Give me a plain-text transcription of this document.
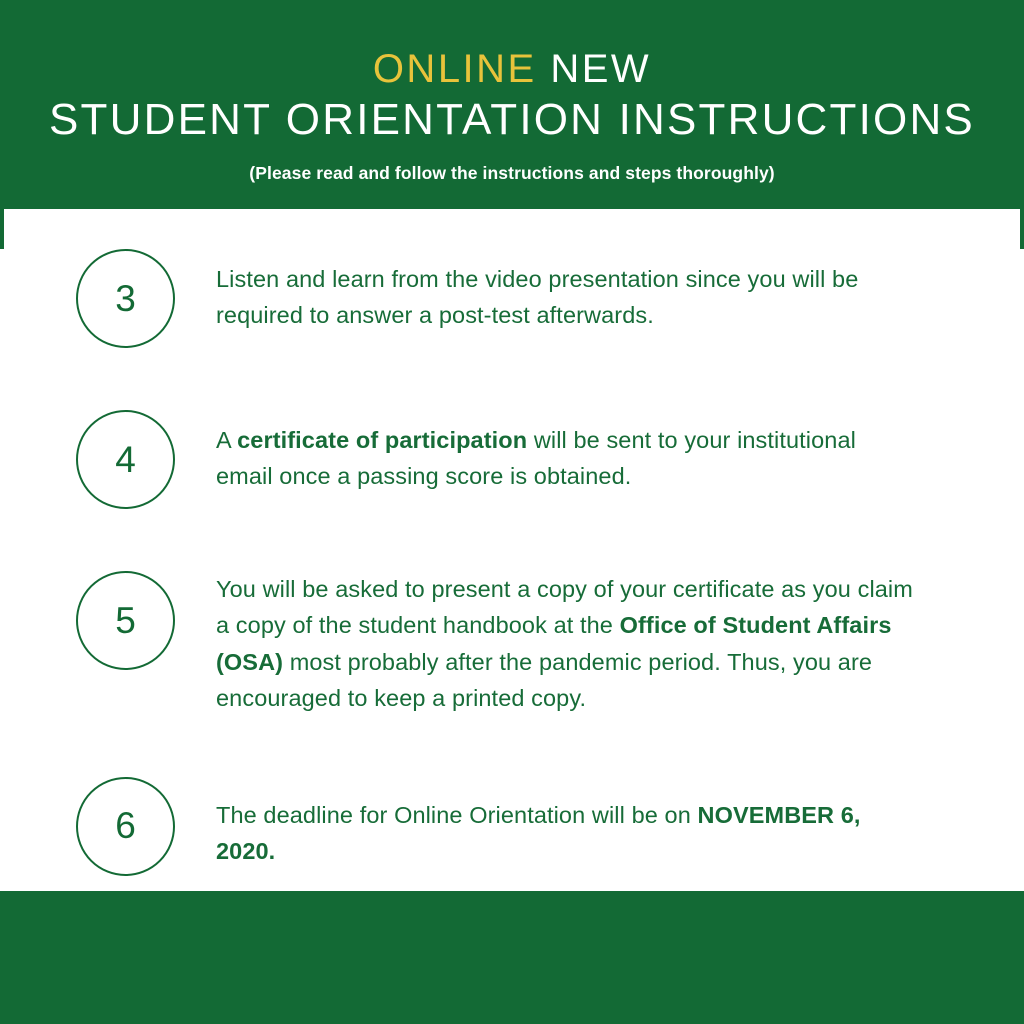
ONLINE NEW
STUDENT ORIENTATION INSTRUCTIONS
(Please read and follow the instructions and steps thoroughly)
3	Listen and learn from the video presentation since you will be required to answer a post-test afterwards.
4	A certificate of participation will be sent to your institutional email once a passing score is obtained.
5
You will be asked to present a copy of your certificate as you claim a copy of the student handbook at the Office of Student Affairs (OSA) most probably after the pandemic period. Thus, you are encouraged to keep a printed copy.
6	The deadline for Online Orientation will be on NOVEMBER 6, 2020.
